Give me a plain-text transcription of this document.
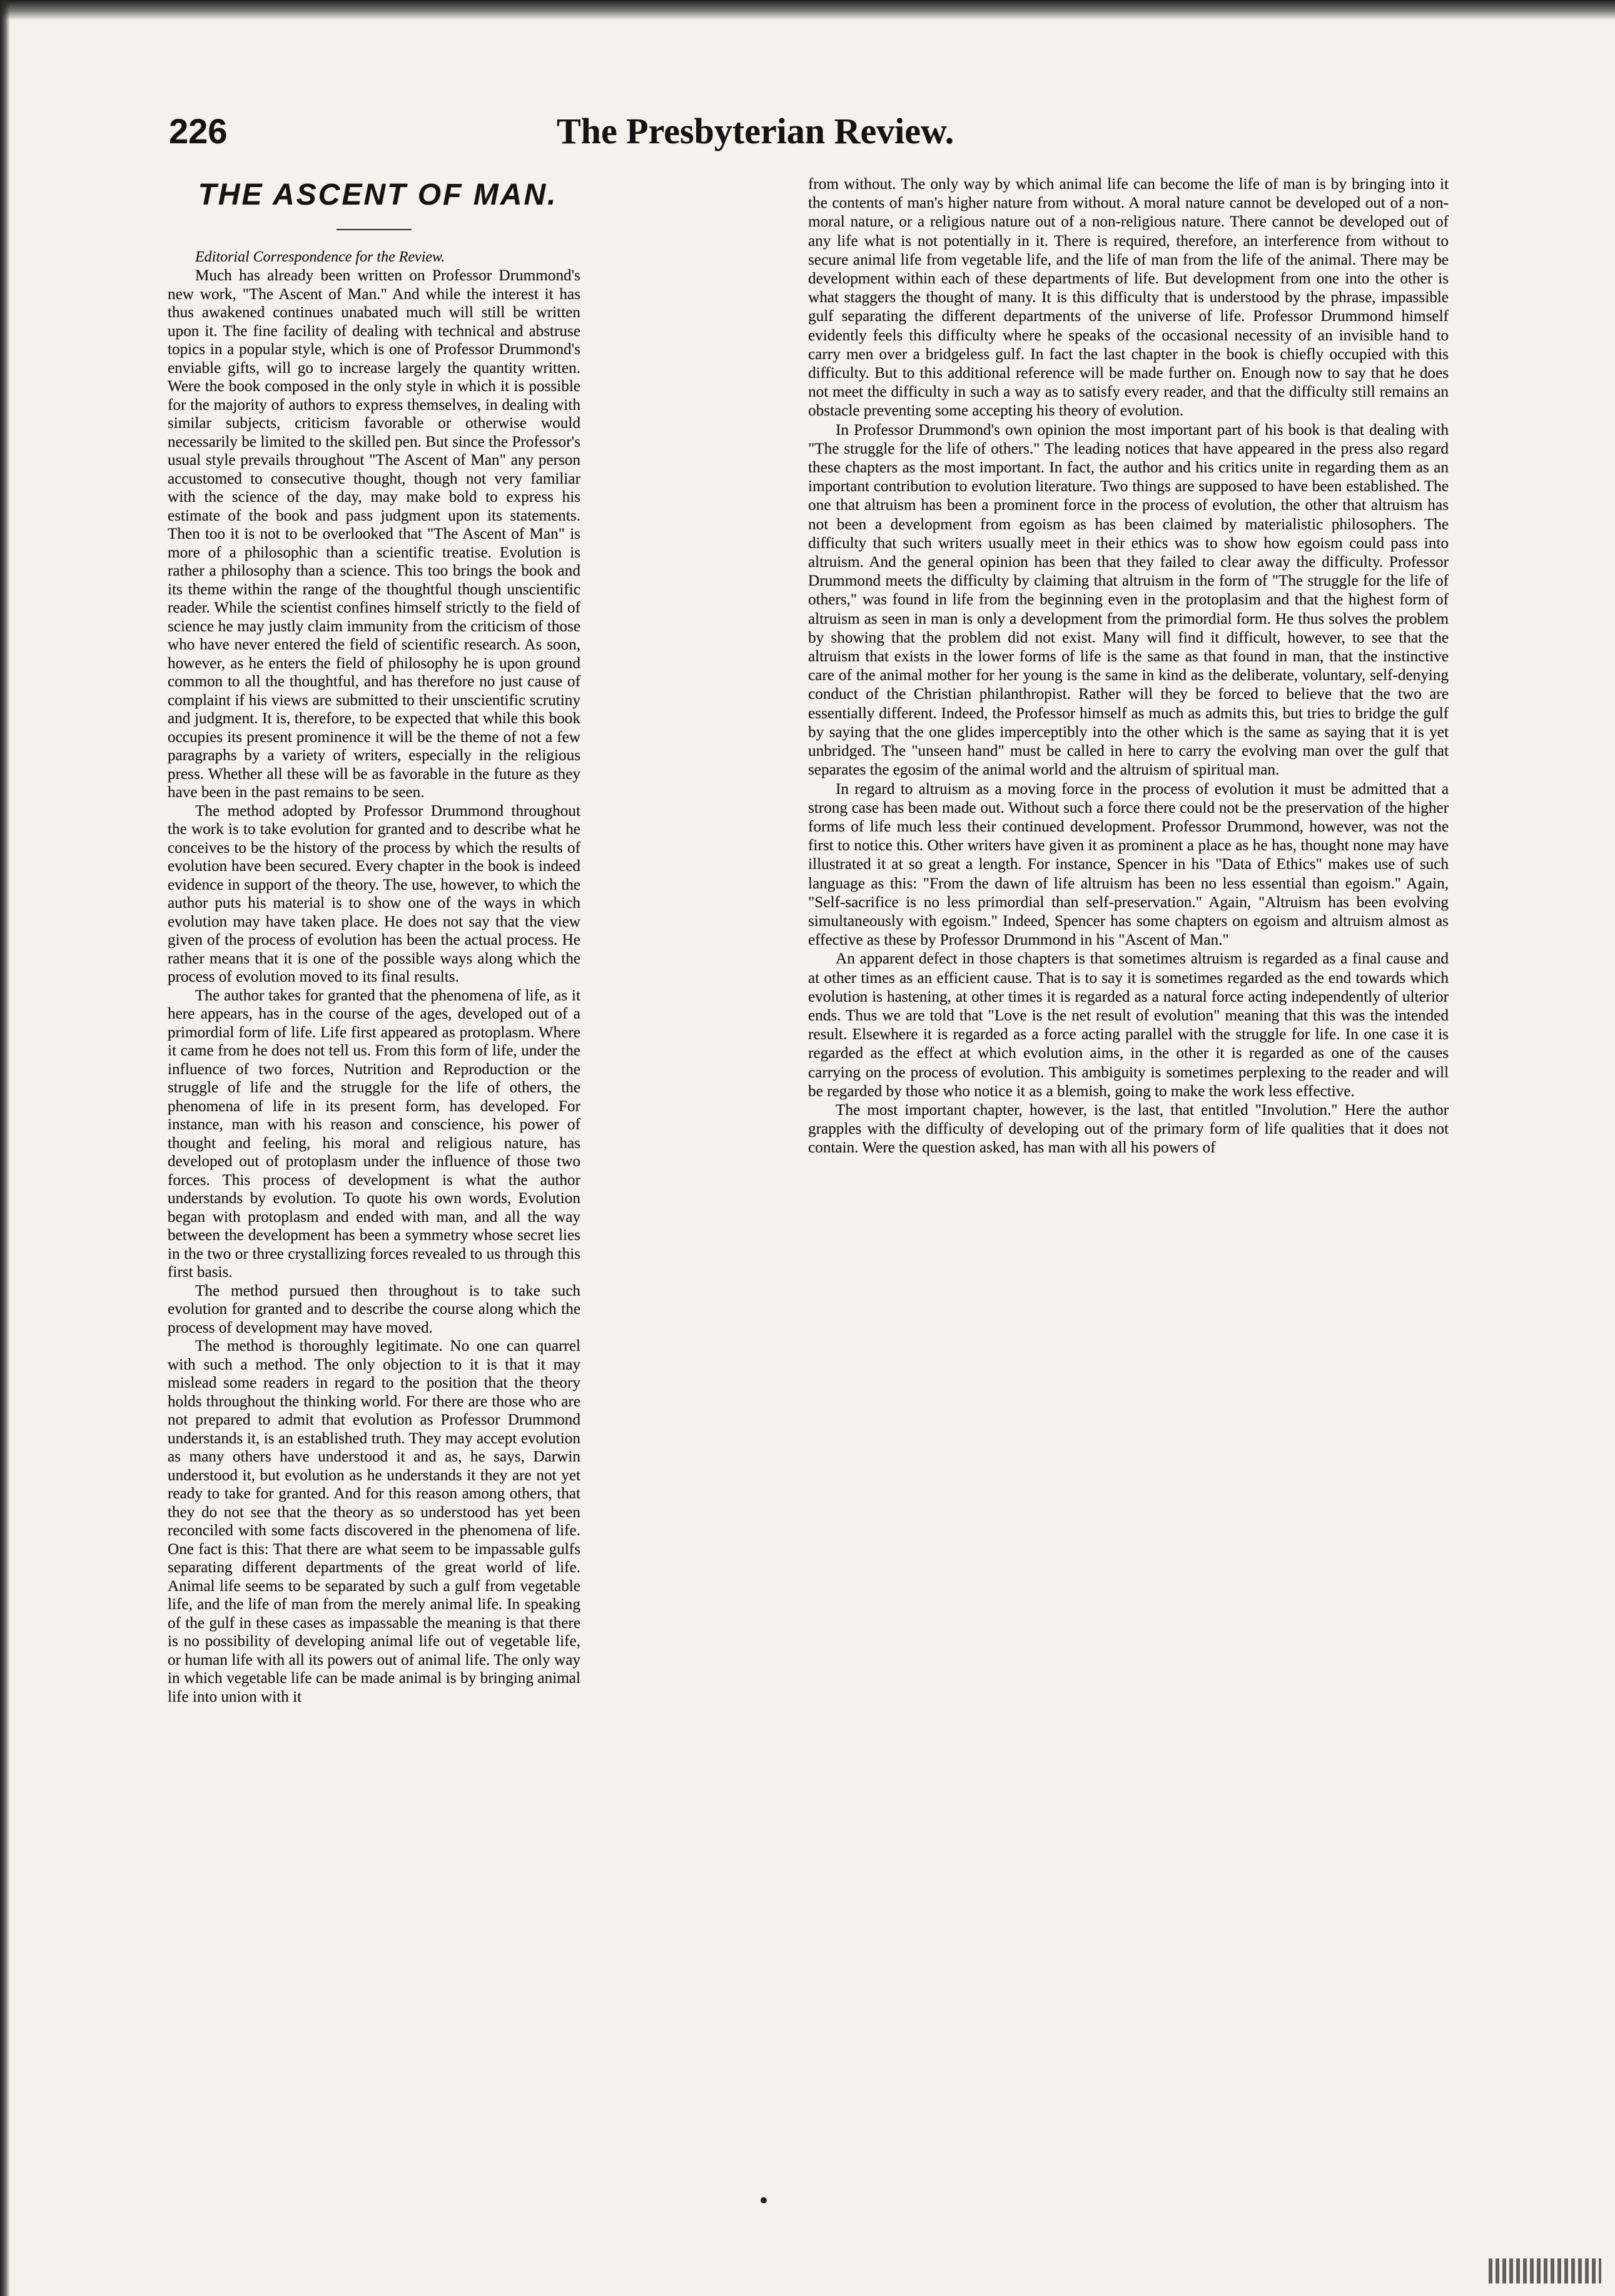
226	The Presbyterian Review.
THE ASCENT OF MAN.

Editorial Correspondence for the Review.

Much has already been written on Professor Drummond's new work, "The Ascent of Man." And while the interest it has thus awakened continues unabated much will still be written upon it. The fine facility of dealing with technical and abstruse topics in a popular style, which is one of Professor Drummond's enviable gifts, will go to increase largely the quantity written. Were the book composed in the only style in which it is possible for the majority of authors to express themselves, in dealing with similar subjects, criticism favorable or otherwise would necessarily be limited to the skilled pen. But since the Professor's usual style prevails throughout "The Ascent of Man" any person accustomed to consecutive thought, though not very familiar with the science of the day, may make bold to express his estimate of the book and pass judgment upon its statements. Then too it is not to be overlooked that "The Ascent of Man" is more of a philosophic than a scientific treatise. Evolution is rather a philosophy than a science. This too brings the book and its theme within the range of the thoughtful though unscientific reader. While the scientist confines himself strictly to the field of science he may justly claim immunity from the criticism of those who have never entered the field of scientific research. As soon, however, as he enters the field of philosophy he is upon ground common to all the thoughtful, and has therefore no just cause of complaint if his views are submitted to their unscientific scrutiny and judgment. It is, therefore, to be expected that while this book occupies its present prominence it will be the theme of not a few paragraphs by a variety of writers, especially in the religious press. Whether all these will be as favorable in the future as they have been in the past remains to be seen.

The method adopted by Professor Drummond throughout the work is to take evolution for granted and to describe what he conceives to be the history of the process by which the results of evolution have been secured. Every chapter in the book is indeed evidence in support of the theory. The use, however, to which the author puts his material is to show one of the ways in which evolution may have taken place. He does not say that the view given of the process of evolution has been the actual process. He rather means that it is one of the possible ways along which the process of evolution moved to its final results.

The author takes for granted that the phenomena of life, as it here appears, has in the course of the ages, developed out of a primordial form of life. Life first appeared as protoplasm. Where it came from he does not tell us. From this form of life, under the influence of two forces, Nutrition and Reproduction or the struggle of life and the struggle for the life of others, the phenomena of life in its present form, has developed. For instance, man with his reason and conscience, his power of thought and feeling, his moral and religious nature, has developed out of protoplasm under the influence of those two forces. This process of development is what the author understands by evolution. To quote his own words, Evolution began with protoplasm and ended with man, and all the way between the development has been a symmetry whose secret lies in the two or three crystallizing forces revealed to us through this first basis.

The method pursued then throughout is to take such evolution for granted and to describe the course along which the process of development may have moved.

The method is thoroughly legitimate. No one can quarrel with such a method. The only objection to it is that it may mislead some readers in regard to the position that the theory holds throughout the thinking world. For there are those who are not prepared to admit that evolution as Professor Drummond understands it, is an established truth. They may accept evolution as many others have understood it and as, he says, Darwin understood it, but evolution as he understands it they are not yet ready to take for granted. And for this reason among others, that they do not see that the theory as so understood has yet been reconciled with some facts discovered in the phenomena of life. One fact is this: That there are what seem to be impassable gulfs separating different departments of the great world of life. Animal life seems to be separated by such a gulf from vegetable life, and the life of man from the merely animal life. In speaking of the gulf in these cases as impassable the meaning is that there is no possibility of developing animal life out of vegetable life, or human life with all its powers out of animal life. The only way in which vegetable life can be made animal is by bringing animal life into union with it

from without. The only way by which animal life can become the life of man is by bringing into it the contents of man's higher nature from without. A moral nature cannot be developed out of a non-moral nature, or a religious nature out of a non-religious nature. There cannot be developed out of any life what is not potentially in it. There is required, therefore, an interference from without to secure animal life from vegetable life, and the life of man from the life of the animal. There may be development within each of these departments of life. But development from one into the other is what staggers the thought of many. It is this difficulty that is understood by the phrase, impassible gulf separating the different departments of the universe of life. Professor Drummond himself evidently feels this difficulty where he speaks of the occasional necessity of an invisible hand to carry men over a bridgeless gulf. In fact the last chapter in the book is chiefly occupied with this difficulty. But to this additional reference will be made further on. Enough now to say that he does not meet the difficulty in such a way as to satisfy every reader, and that the difficulty still remains an obstacle preventing some accepting his theory of evolution.

In Professor Drummond's own opinion the most important part of his book is that dealing with "The struggle for the life of others." The leading notices that have appeared in the press also regard these chapters as the most important. In fact, the author and his critics unite in regarding them as an important contribution to evolution literature. Two things are supposed to have been established. The one that altruism has been a prominent force in the process of evolution, the other that altruism has not been a development from egoism as has been claimed by materialistic philosophers. The difficulty that such writers usually meet in their ethics was to show how egoism could pass into altruism. And the general opinion has been that they failed to clear away the difficulty. Professor Drummond meets the difficulty by claiming that altruism in the form of "The struggle for the life of others," was found in life from the beginning even in the protoplasim and that the highest form of altruism as seen in man is only a development from the primordial form. He thus solves the problem by showing that the problem did not exist. Many will find it difficult, however, to see that the altruism that exists in the lower forms of life is the same as that found in man, that the instinctive care of the animal mother for her young is the same in kind as the deliberate, voluntary, self-denying conduct of the Christian philanthropist. Rather will they be forced to believe that the two are essentially different. Indeed, the Professor himself as much as admits this, but tries to bridge the gulf by saying that the one glides imperceptibly into the other which is the same as saying that it is yet unbridged. The "unseen hand" must be called in here to carry the evolving man over the gulf that separates the egosim of the animal world and the altruism of spiritual man.

In regard to altruism as a moving force in the process of evolution it must be admitted that a strong case has been made out. Without such a force there could not be the preservation of the higher forms of life much less their continued development. Professor Drummond, however, was not the first to notice this. Other writers have given it as prominent a place as he has, thought none may have illustrated it at so great a length. For instance, Spencer in his "Data of Ethics" makes use of such language as this: "From the dawn of life altruism has been no less essential than egoism." Again, "Self-sacrifice is no less primordial than self-preservation." Again, "Altruism has been evolving simultaneously with egoism." Indeed, Spencer has some chapters on egoism and altruism almost as effective as these by Professor Drummond in his "Ascent of Man."

An apparent defect in those chapters is that sometimes altruism is regarded as a final cause and at other times as an efficient cause. That is to say it is sometimes regarded as the end towards which evolution is hastening, at other times it is regarded as a natural force acting independently of ulterior ends. Thus we are told that "Love is the net result of evolution" meaning that this was the intended result. Elsewhere it is regarded as a force acting parallel with the struggle for life. In one case it is regarded as the effect at which evolution aims, in the other it is regarded as one of the causes carrying on the process of evolution. This ambiguity is sometimes perplexing to the reader and will be regarded by those who notice it as a blemish, going to make the work less effective.

The most important chapter, however, is the last, that entitled "Involution." Here the author grapples with the difficulty of developing out of the primary form of life qualities that it does not contain. Were the question asked, has man with all his powers of
